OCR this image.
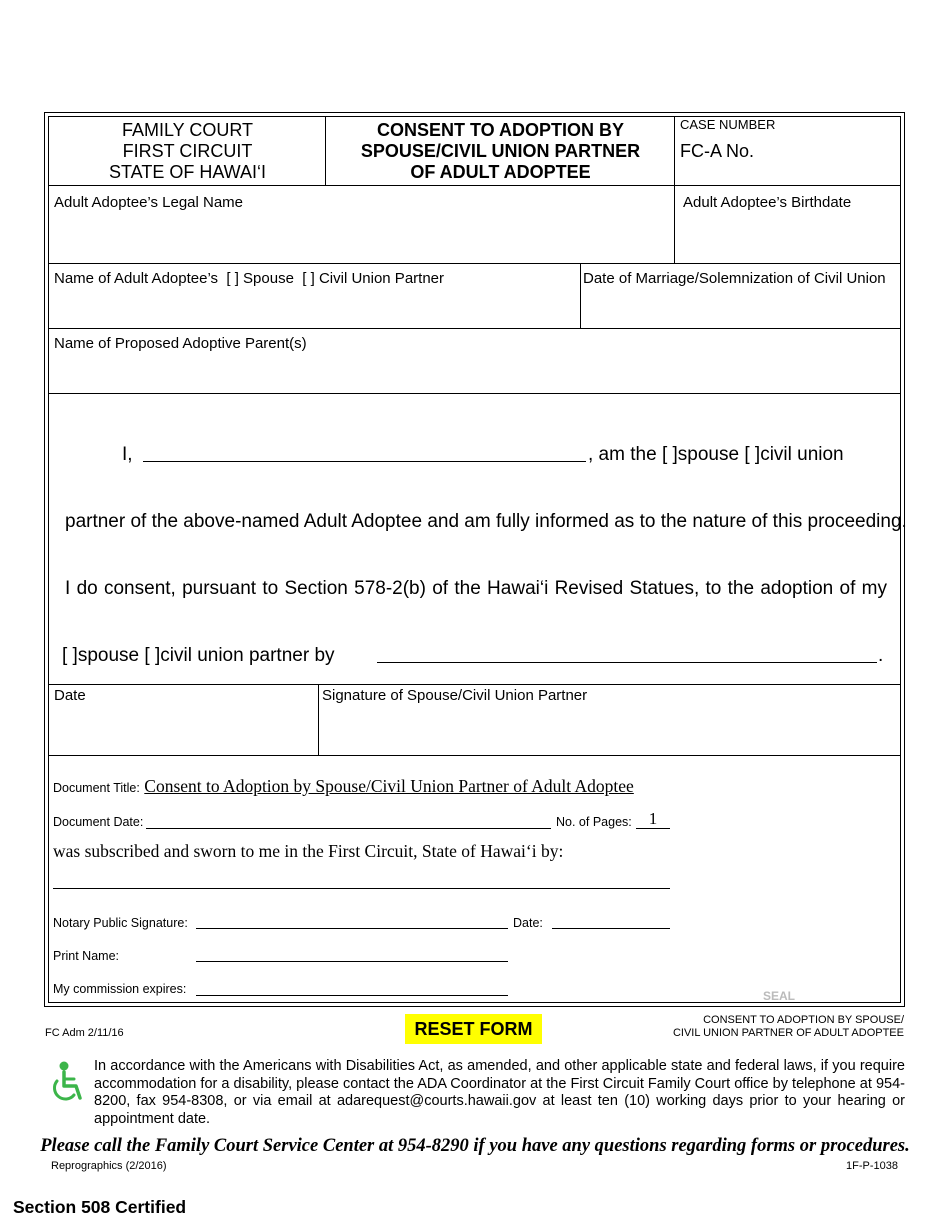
FAMILY COURT
FIRST CIRCUIT
STATE OF HAWAI‘I
CONSENT TO ADOPTION BY
SPOUSE/CIVIL UNION PARTNER
OF ADULT ADOPTEE
CASE NUMBER
FC-A No.
Adult Adoptee’s Legal Name	Adult Adoptee’s Birthdate
Name of Adult Adoptee’s [ ] Spouse [ ] Civil Union Partner	Date of Marriage/Solemnization of Civil Union
Name of Proposed Adoptive Parent(s)
I,	, am the [ ]spouse [ ]civil union
partner of the above-named Adult Adoptee and am fully informed as to the nature of this proceeding.
I do consent, pursuant to Section 578-2(b) of the Hawai‘i Revised Statues, to the adoption of my
[ ]spouse [ ]civil union partner by	.
Date	Signature of Spouse/Civil Union Partner
Document Title: Consent to Adoption by Spouse/Civil Union Partner of Adult Adoptee
Document Date:	No. of Pages:	1
was subscribed and sworn to me in the First Circuit, State of Hawai‘i by:
Notary Public Signature:	Date:
Print Name:
My commission expires:	SEAL
FC Adm 2/11/16	RESET FORM	CONSENT TO ADOPTION BY SPOUSE/
CIVIL UNION PARTNER OF ADULT ADOPTEE
In accordance with the Americans with Disabilities Act, as amended, and other applicable state and federal laws, if you require accommodation for a disability, please contact the ADA Coordinator at the First Circuit Family Court office by telephone at 954-8200, fax 954-8308, or via email at adarequest@courts.hawaii.gov at least ten (10) working days prior to your hearing or appointment date.
Please call the Family Court Service Center at 954-8290 if you have any questions regarding forms or procedures.
Reprographics (2/2016)	1F-P-1038
Section 508 Certified
